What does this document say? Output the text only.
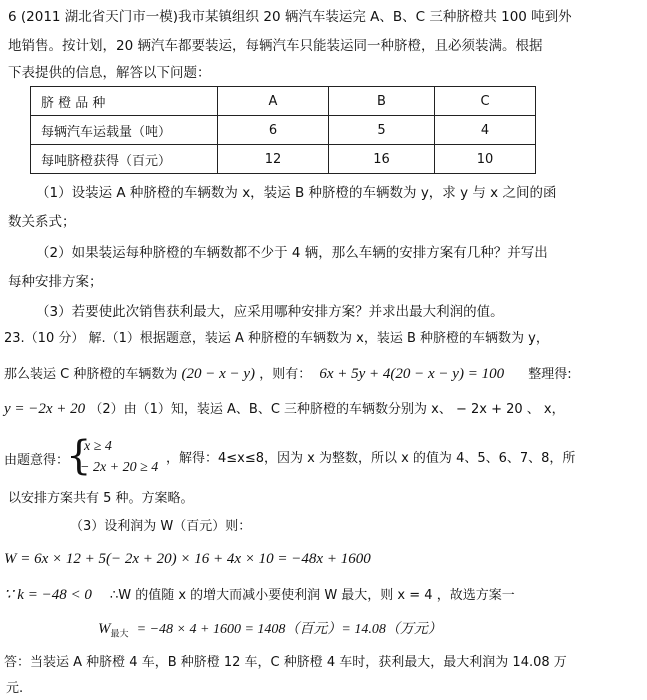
6 (2011 湖北省天门市一模)我市某镇组织 20 辆汽车装运完 A、B、C 三种脐橙共 100 吨到外
地销售。按计划，20 辆汽车都要装运，每辆汽车只能装运同一种脐橙，且必须装满。根据
下表提供的信息，解答以下问题：
脐 橙 品 种	A	B	C
每辆汽车运载量（吨）	6	5	4
每吨脐橙获得（百元）	12	16	10
（1）设装运 A 种脐橙的车辆数为 x，装运 B 种脐橙的车辆数为 y，求 y 与 x 之间的函
数关系式；
（2）如果装运每种脐橙的车辆数都不少于 4 辆，那么车辆的安排方案有几种？并写出
每种安排方案；
（3）若要使此次销售获利最大，应采用哪种安排方案？并求出最大利润的值。
23.（10 分） 解.（1）根据题意，装运 A 种脐橙的车辆数为 x，装运 B 种脐橙的车辆数为 y，
那么装运 C 种脐橙的车辆数为 (20 − x − y) ，则有： 6x + 5y + 4(20 − x − y) = 100 整理得:
y = −2x + 20 （2）由（1）知，装运 A、B、C 三种脐橙的车辆数分别为 x、 − 2x + 20 、 x，
由题意得：
{
x ≥ 4
− 2x + 20 ≥ 4
，解得：4≤x≤8，因为 x 为整数，所以 x 的值为 4、5、6、7、8，所
以安排方案共有 5 种。方案略。
（3）设利润为 W（百元）则：
W = 6x × 12 + 5(− 2x + 20) × 16 + 4x × 10 = −48x + 1600
∵ k = −48 < 0 ∴W 的值随 x 的增大而减小要使利润 W 最大，则 x = 4 ，故选方案一
$W_{最大} = -48 \times 4 + 1600 = 1408$（百元）= 14.08（万元）
答：当装运 A 种脐橙 4 车，B 种脐橙 12 车，C 种脐橙 4 车时，获利最大，最大利润为 14.08 万
元.
